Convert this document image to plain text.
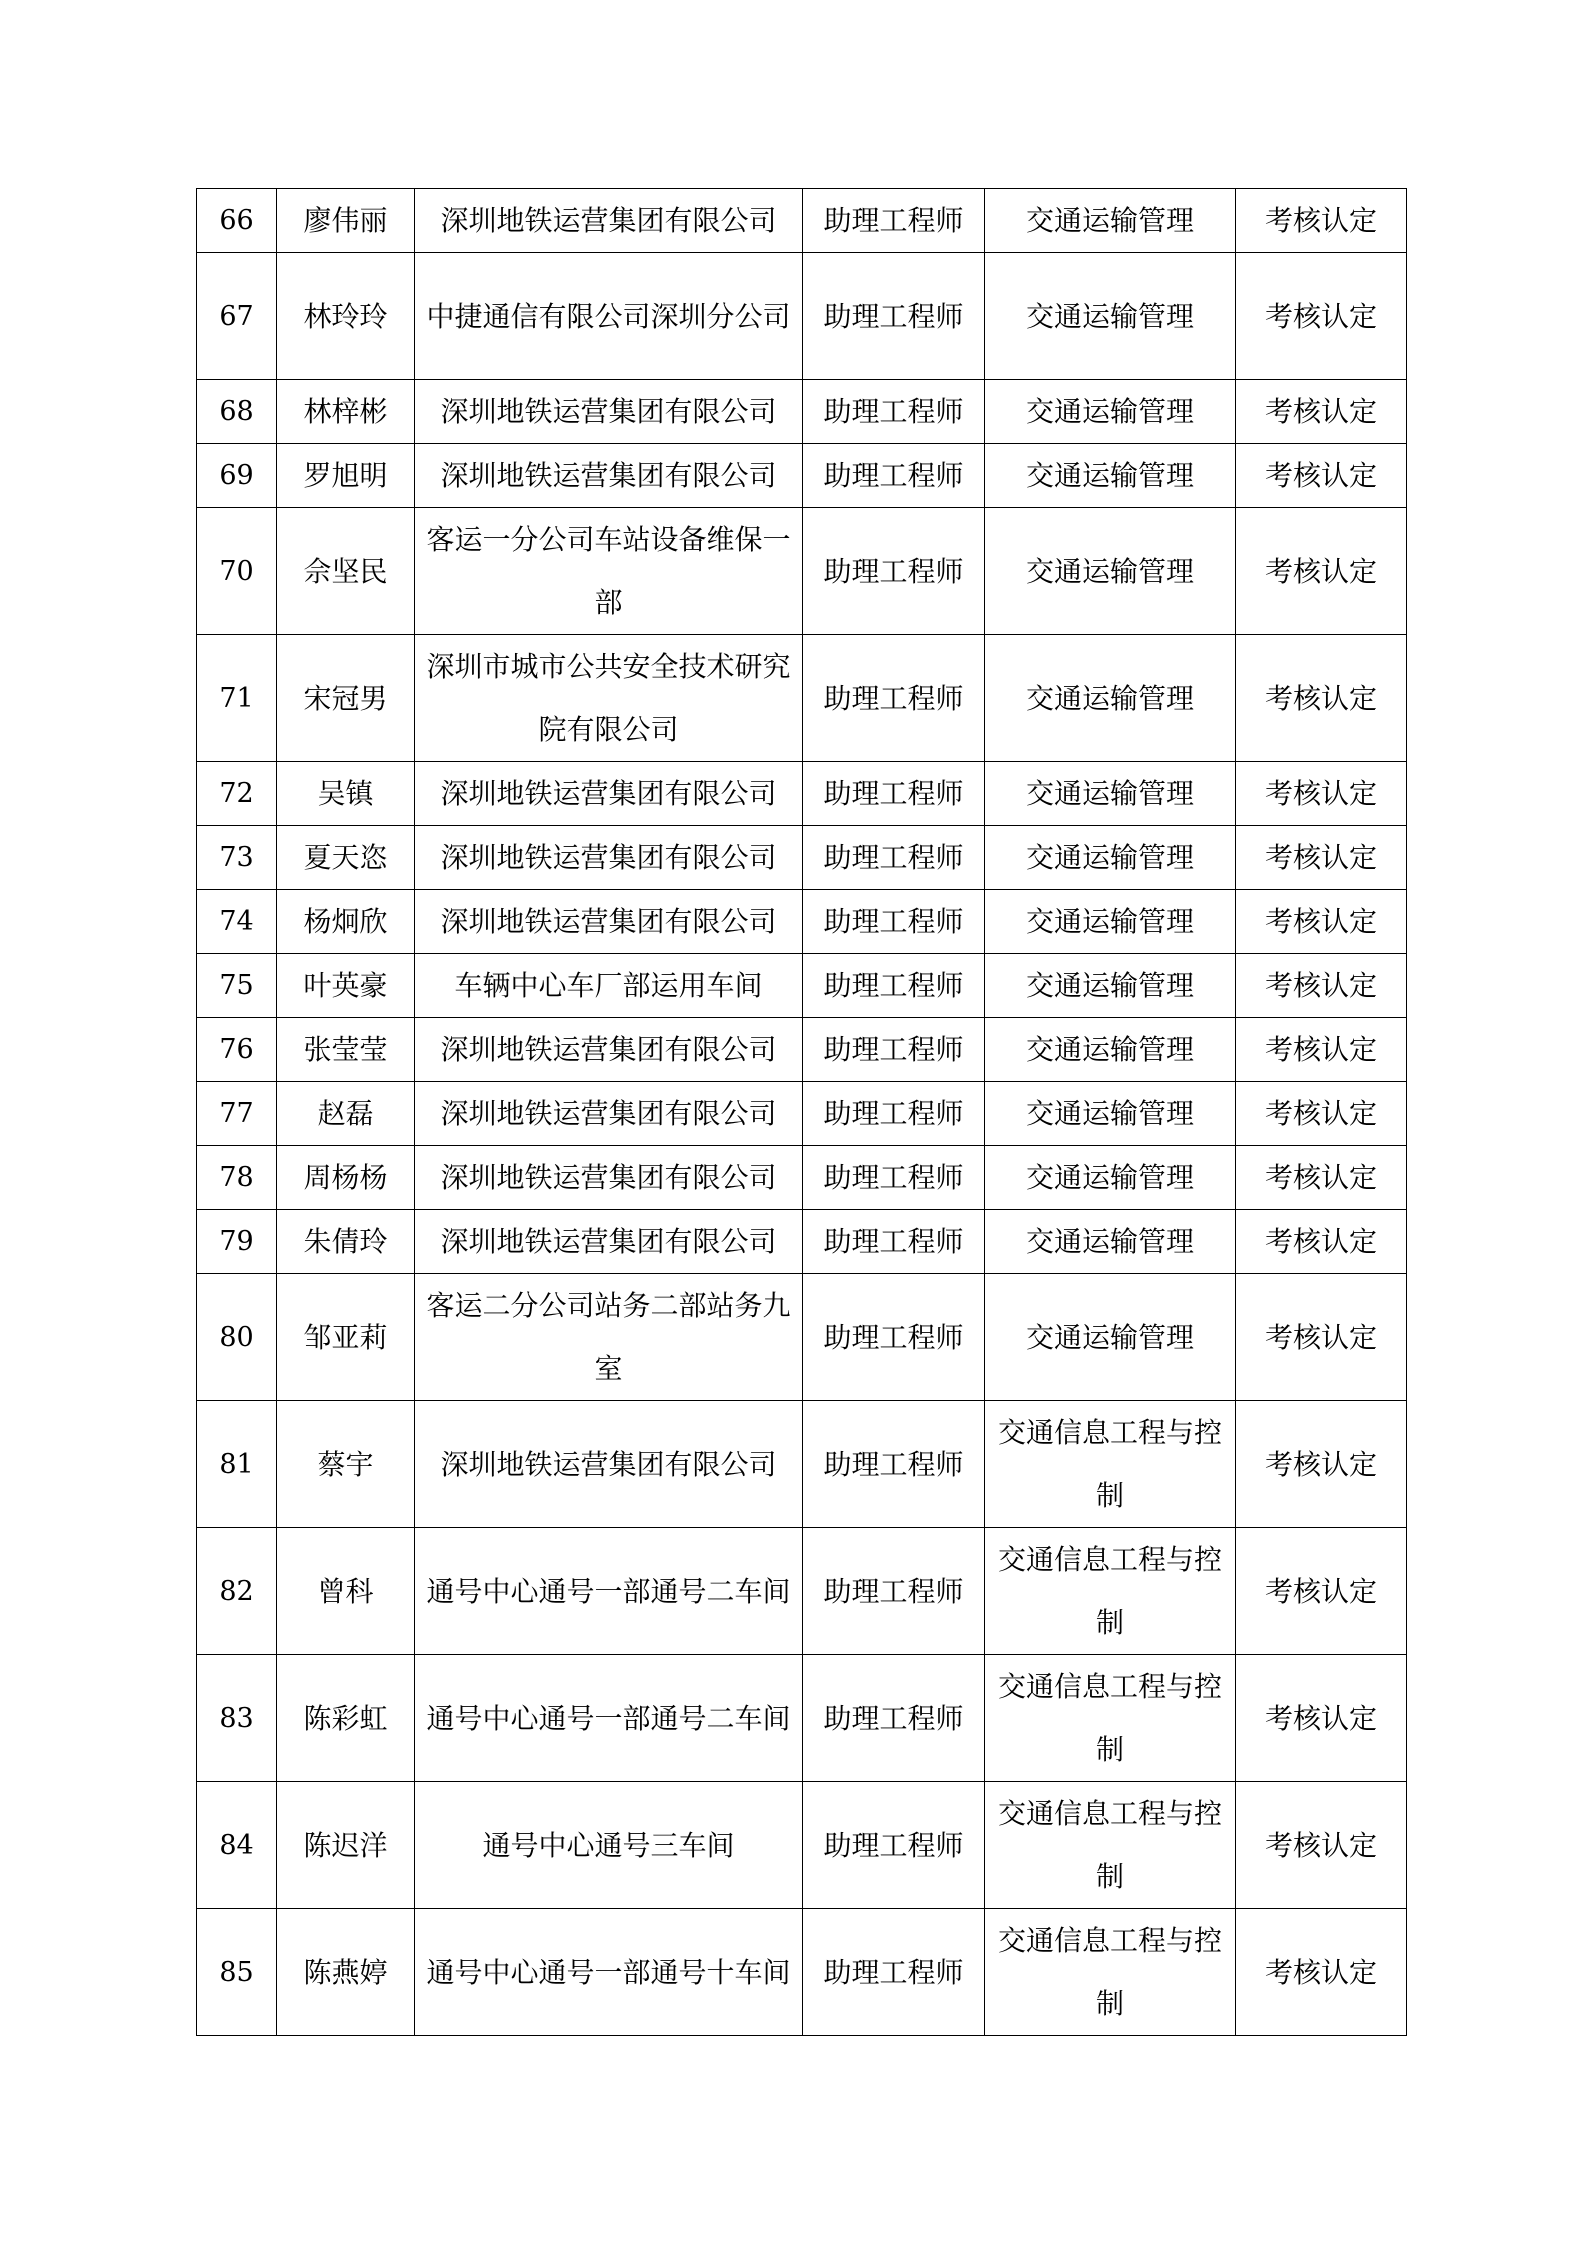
66	廖伟丽	深圳地铁运营集团有限公司	助理工程师	交通运输管理	考核认定
67	林玲玲	中捷通信有限公司深圳分公司	助理工程师	交通运输管理	考核认定
68	林梓彬	深圳地铁运营集团有限公司	助理工程师	交通运输管理	考核认定
69	罗旭明	深圳地铁运营集团有限公司	助理工程师	交通运输管理	考核认定
70	佘坚民	客运一分公司车站设备维保一部	助理工程师	交通运输管理	考核认定
71	宋冠男	深圳市城市公共安全技术研究院有限公司	助理工程师	交通运输管理	考核认定
72	吴镇	深圳地铁运营集团有限公司	助理工程师	交通运输管理	考核认定
73	夏天恣	深圳地铁运营集团有限公司	助理工程师	交通运输管理	考核认定
74	杨炯欣	深圳地铁运营集团有限公司	助理工程师	交通运输管理	考核认定
75	叶英豪	车辆中心车厂部运用车间	助理工程师	交通运输管理	考核认定
76	张莹莹	深圳地铁运营集团有限公司	助理工程师	交通运输管理	考核认定
77	赵磊	深圳地铁运营集团有限公司	助理工程师	交通运输管理	考核认定
78	周杨杨	深圳地铁运营集团有限公司	助理工程师	交通运输管理	考核认定
79	朱倩玲	深圳地铁运营集团有限公司	助理工程师	交通运输管理	考核认定
80	邹亚莉	客运二分公司站务二部站务九室	助理工程师	交通运输管理	考核认定
81	蔡宇	深圳地铁运营集团有限公司	助理工程师	交通信息工程与控制	考核认定
82	曾科	通号中心通号一部通号二车间	助理工程师	交通信息工程与控制	考核认定
83	陈彩虹	通号中心通号一部通号二车间	助理工程师	交通信息工程与控制	考核认定
84	陈迟洋	通号中心通号三车间	助理工程师	交通信息工程与控制	考核认定
85	陈燕婷	通号中心通号一部通号十车间	助理工程师	交通信息工程与控制	考核认定
